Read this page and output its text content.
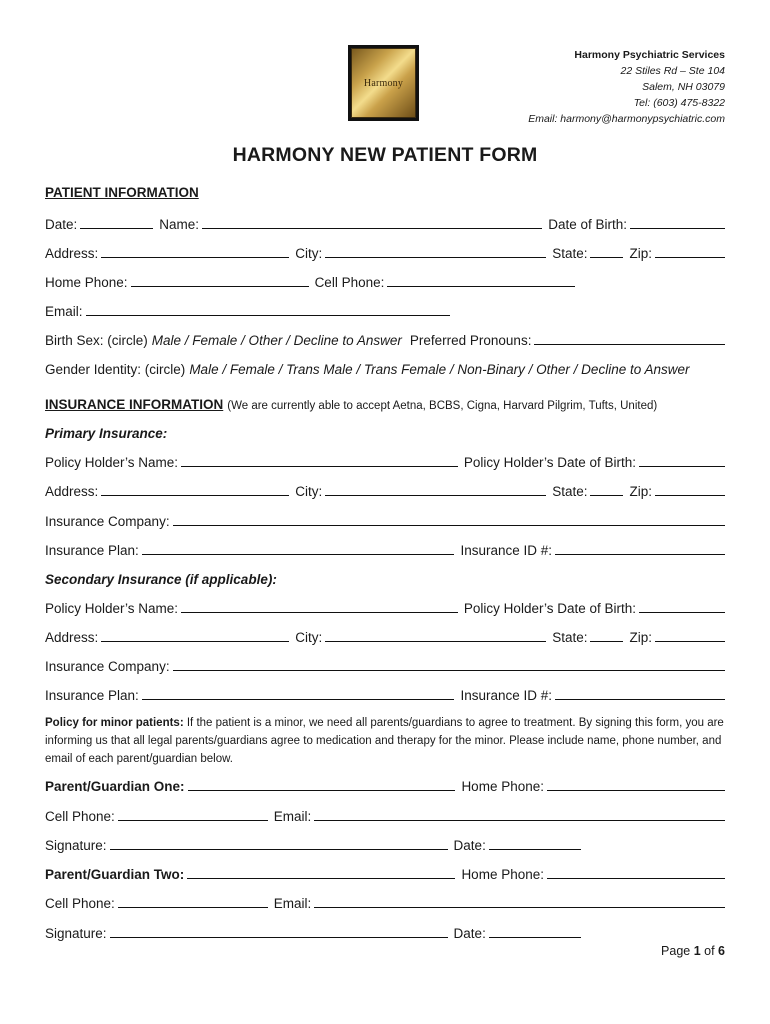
Harmony
Harmony Psychiatric Services
22 Stiles Rd – Ste 104
Salem, NH 03079
Tel: (603) 475-8322
Email: harmony@harmonypsychiatric.com
HARMONY NEW PATIENT FORM
PATIENT INFORMATION
Date:	Name:	Date of Birth:
Address:	City:	State:	Zip:
Home Phone:	Cell Phone:
Email:
Birth Sex: (circle) Male / Female / Other / Decline to Answer Preferred Pronouns:
Gender Identity: (circle) Male / Female / Trans Male / Trans Female / Non-Binary / Other / Decline to Answer
INSURANCE INFORMATION (We are currently able to accept Aetna, BCBS, Cigna, Harvard Pilgrim, Tufts, United)
Primary Insurance:
Policy Holder’s Name:	Policy Holder’s Date of Birth:
Address:	City:	State:	Zip:
Insurance Company:
Insurance Plan:	Insurance ID #:
Secondary Insurance (if applicable):
Policy Holder’s Name:	Policy Holder’s Date of Birth:
Address:	City:	State:	Zip:
Insurance Company:
Insurance Plan:	Insurance ID #:
Policy for minor patients: If the patient is a minor, we need all parents/guardians to agree to treatment. By signing this form, you are informing us that all legal parents/guardians agree to medication and therapy for the minor. Please include name, phone number, and email of each parent/guardian below.
Parent/Guardian One:	Home Phone:
Cell Phone:	Email:
Signature:	Date:
Parent/Guardian Two:	Home Phone:
Cell Phone:	Email:
Signature:	Date:
Page 1 of 6
